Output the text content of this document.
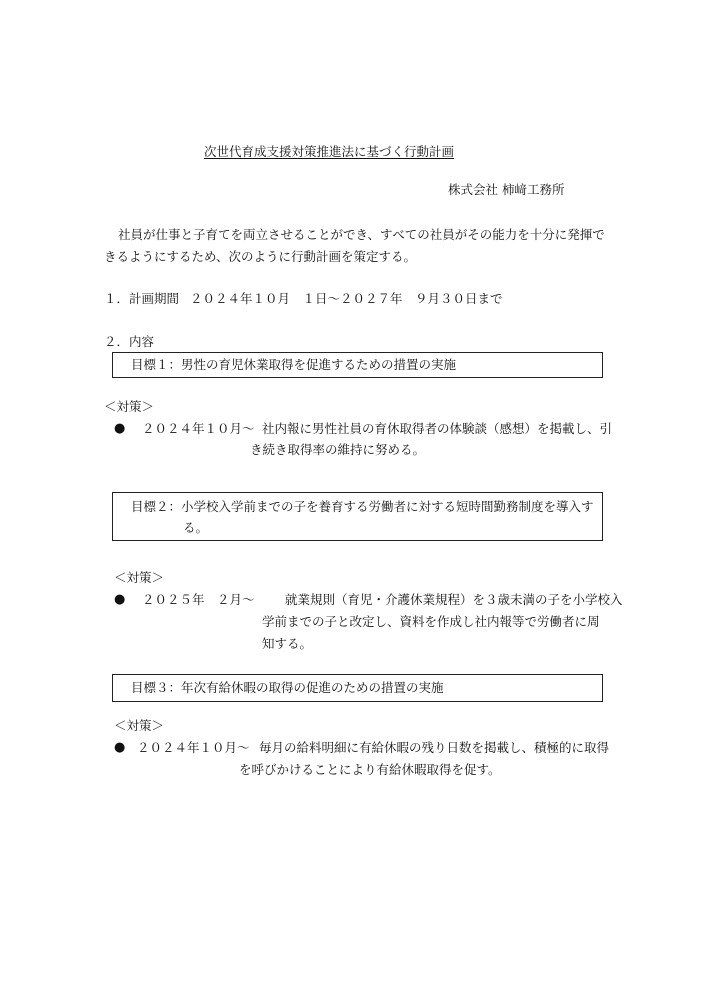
次世代育成支援対策推進法に基づく行動計画
株式会社 柿﨑工務所
社員が仕事と子育てを両立させることができ、すべての社員がその能力を十分に発揮で
きるようにするため、次のように行動計画を策定する。
１．計画期間 ２０２４年１０月　１日～２０２７年　９月３０日まで
２．内容
目標１：男性の育児休業取得を促進するための措置の実施
＜対策＞
● ２０２４年１０月～ 社内報に男性社員の育休取得者の体験談（感想）を掲載し、引
き続き取得率の維持に努める。
目標２：小学校入学前までの子を養育する労働者に対する短時間勤務制度を導入す
る。
＜対策＞
● ２０２５年　２月～ 就業規則（育児・介護休業規程）を３歳未満の子を小学校入
学前までの子と改定し、資料を作成し社内報等で労働者に周
知する。
目標３：年次有給休暇の取得の促進のための措置の実施
＜対策＞
● ２０２４年１０月～ 毎月の給料明細に有給休暇の残り日数を掲載し、積極的に取得
を呼びかけることにより有給休暇取得を促す。
